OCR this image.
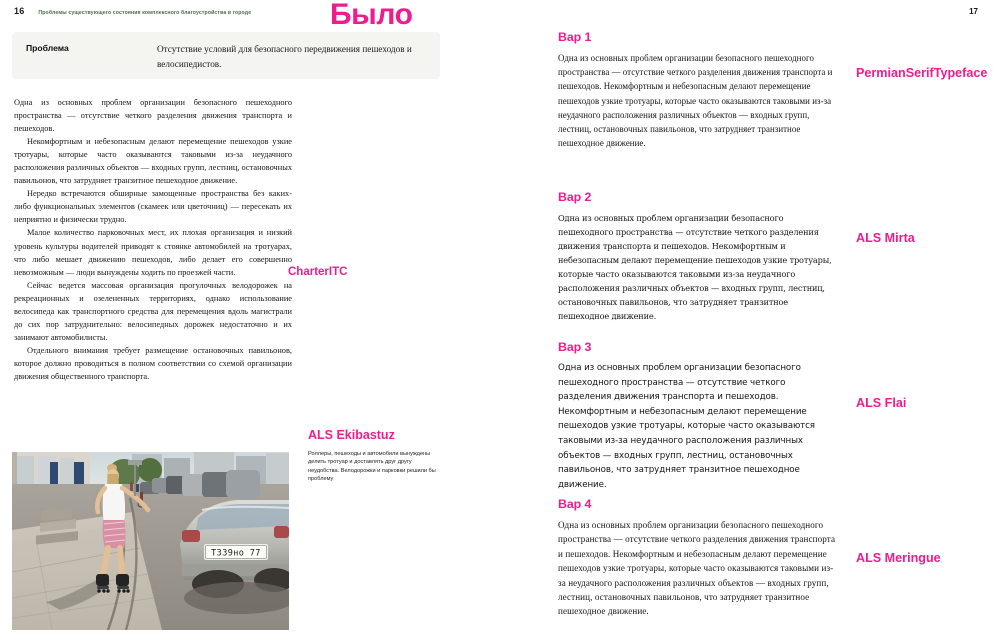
16	Проблемы существующего состояния комплексного благоустройства в городе	Было
Проблема	Отсутствие условий для безопасного передвижения пешеходов и велосипедистов.

Одна из основных проблем организации безопасного пешеходного пространства — отсутствие четкого разделения движения транспорта и пешеходов.

Некомфортным и небезопасным делают перемещение пешеходов узкие тротуары, которые часто оказываются таковыми из-за неудачного расположения различных объектов — входных групп, лестниц, остановочных павильонов, что затрудняет транзитное пешеходное движение.

Нередко встречаются обширные замощенные пространства без каких-либо функциональных элементов (скамеек или цветочниц) — пересекать их неприятно и физически трудно.

Малое количество парковочных мест, их плохая организация и низкий уровень культуры водителей приводят к стоянке автомобилей на тротуарах, что либо мешает движению пешеходов, либо делает его совершенно невозможным — люди вынуждены ходить по проезжей части.

Сейчас ведется массовая организация прогулочных велодорожек на рекреационных и озелененных территориях, однако использование велосипеда как транспортного средства для перемещения вдоль магистрали до сих пор затруднительно: велосипедных дорожек недостаточно и их занимают автомобилисты.

Отдельного внимания требует размещение остановочных павильонов, которое должно проводиться в полном соответствии со схемой организации движения общественного транспорта.

CharterITC
ALS Ekibastuz
Роллеры, пешеходы и автомобили вынуждены делить тротуар и доставлять друг другу неудобства. Велодорожки и парковки решили бы проблему
Т339но 77
17
Вар 1
Одна из основных проблем организации безопасного пешеходного пространства — отсутствие четкого разделения движения транспорта и пешеходов. Некомфортным и небезопасным делают перемещение пешеходов узкие тротуары, которые часто оказываются таковыми из-за неудачного расположения различных объектов — входных групп, лестниц, остановочных павильонов, что затрудняет транзитное пешеходное движение.
Вар 2
Одна из основных проблем организации безопасного пешеходного пространства — отсутствие четкого разделения движения транспорта и пешеходов. Некомфортным и небезопасным делают перемещение пешеходов узкие тротуары, которые часто оказываются таковыми из-за неудачного расположения различных объектов — входных групп, лестниц, остановочных павильонов, что затрудняет транзитное пешеходное движение.
Вар 3
Одна из основных проблем организации безопасного пешеходного пространства — отсутствие четкого разделения движения транспорта и пешеходов. Некомфортным и небезопасным делают перемещение пешеходов узкие тротуары, которые часто оказываются таковыми из-за неудачного расположения различных объектов — входных групп, лестниц, остановочных павильонов, что затрудняет транзитное пешеходное движение.
Вар 4
Одна из основных проблем организации безопасного пешеходного пространства — отсутствие четкого разделения движения транспорта и пешеходов. Некомфортным и небезопасным делают перемещение пешеходов узкие тротуары, которые часто оказываются таковыми из-за неудачного расположения различных объектов — входных групп, лестниц, остановочных павильонов, что затрудняет транзитное пешеходное движение.
PermianSerifTypeface
ALS Mirta
ALS Flai
ALS Meringue
